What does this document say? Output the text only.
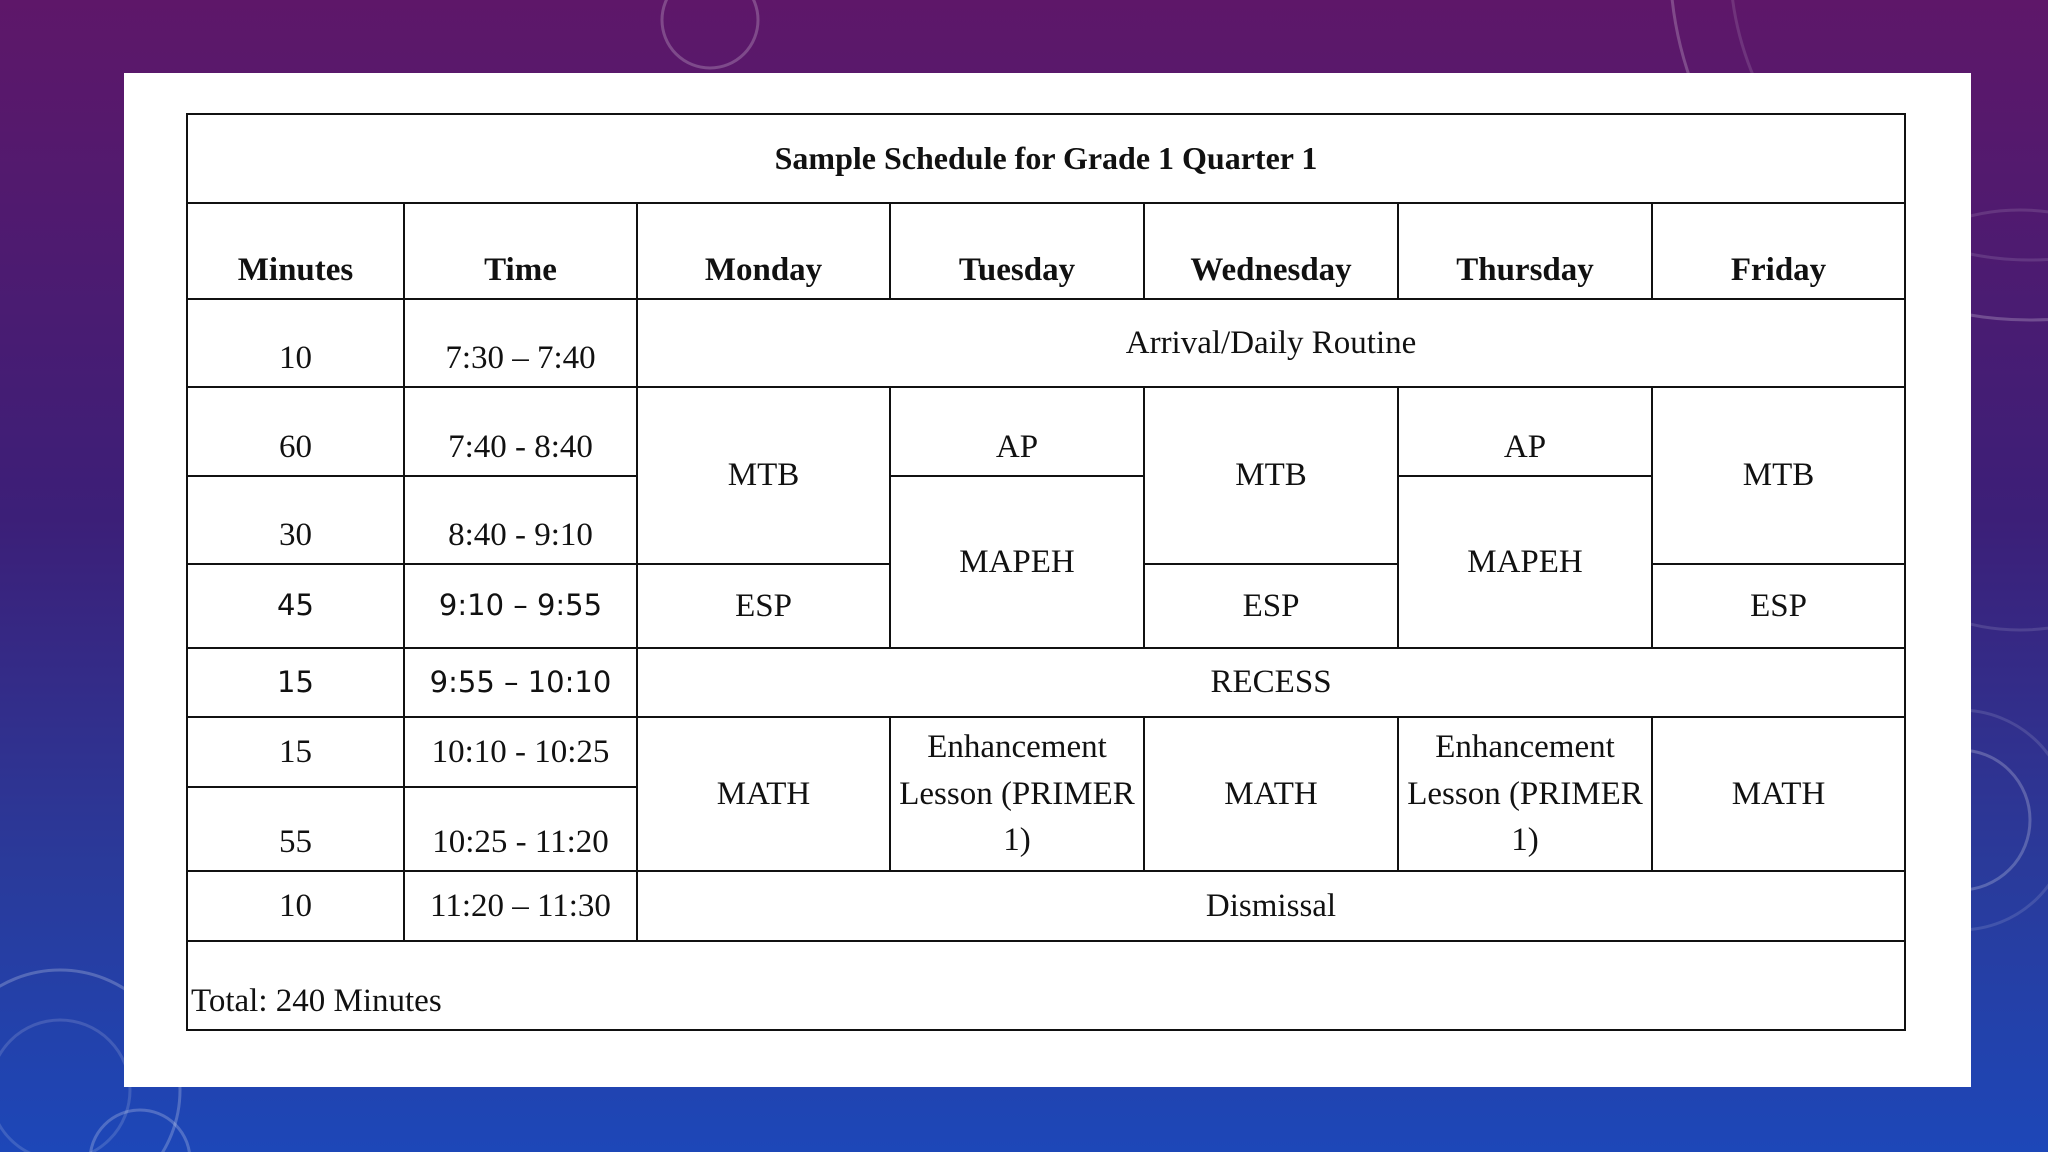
Sample Schedule for Grade 1 Quarter 1						
Minutes	Time	Monday	Tuesday	Wednesday	Thursday	Friday
10	7:30 – 7:40	Arrival/Daily Routine				
60	7:40 - 8:40	MTB	AP	MTB	AP	MTB
30	8:40 - 9:10		MAPEH		MAPEH	
45	9:10 – 9:55	ESP		ESP		ESP
15	9:55 – 10:10	RECESS				
15	10:10 - 10:25	MATH	Enhancement Lesson (PRIMER 1)	MATH	Enhancement Lesson (PRIMER 1)	MATH
55	10:25 - 11:20					
10	11:20 – 11:30	Dismissal				
Total: 240 Minutes						
